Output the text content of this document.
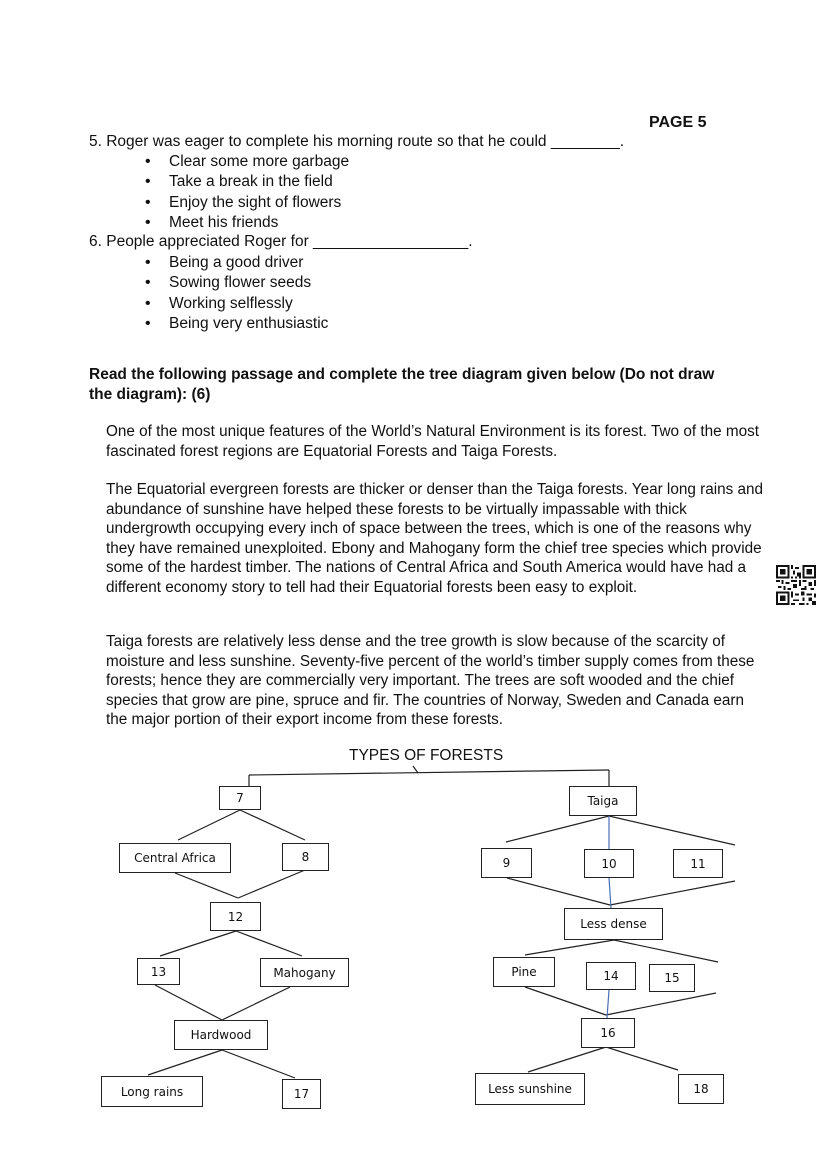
PAGE 5
5. Roger was eager to complete his morning route so that he could ________.
• Clear some more garbage
• Take a break in the field
• Enjoy the sight of flowers
• Meet his friends
6. People appreciated Roger for __________________.
• Being a good driver
• Sowing flower seeds
• Working selflessly
• Being very enthusiastic
Read the following passage and complete the tree diagram given below (Do not draw the diagram): (6)

One of the most unique features of the World’s Natural Environment is its forest. Two of the most fascinated forest regions are Equatorial Forests and Taiga Forests.

The Equatorial evergreen forests are thicker or denser than the Taiga forests. Year long rains and abundance of sunshine have helped these forests to be virtually impassable with thick undergrowth occupying every inch of space between the trees, which is one of the reasons why they have remained unexploited. Ebony and Mahogany form the chief tree species which provide some of the hardest timber. The nations of Central Africa and South America would have had a different economy story to tell had their Equatorial forests been easy to exploit.

Taiga forests are relatively less dense and the tree growth is slow because of the scarcity of moisture and less sunshine. Seventy-five percent of the world’s timber supply comes from these forests; hence they are commercially very important. The trees are soft wooded and the chief species that grow are pine, spruce and fir. The countries of Norway, Sweden and Canada earn the major portion of their export income from these forests.

TYPES OF FORESTS
7
Central Africa	8
12
13	Mahogany
Hardwood
Long rains	17
Taiga
9	10	11
Less dense
Pine	14	15
16
Less sunshine	18
